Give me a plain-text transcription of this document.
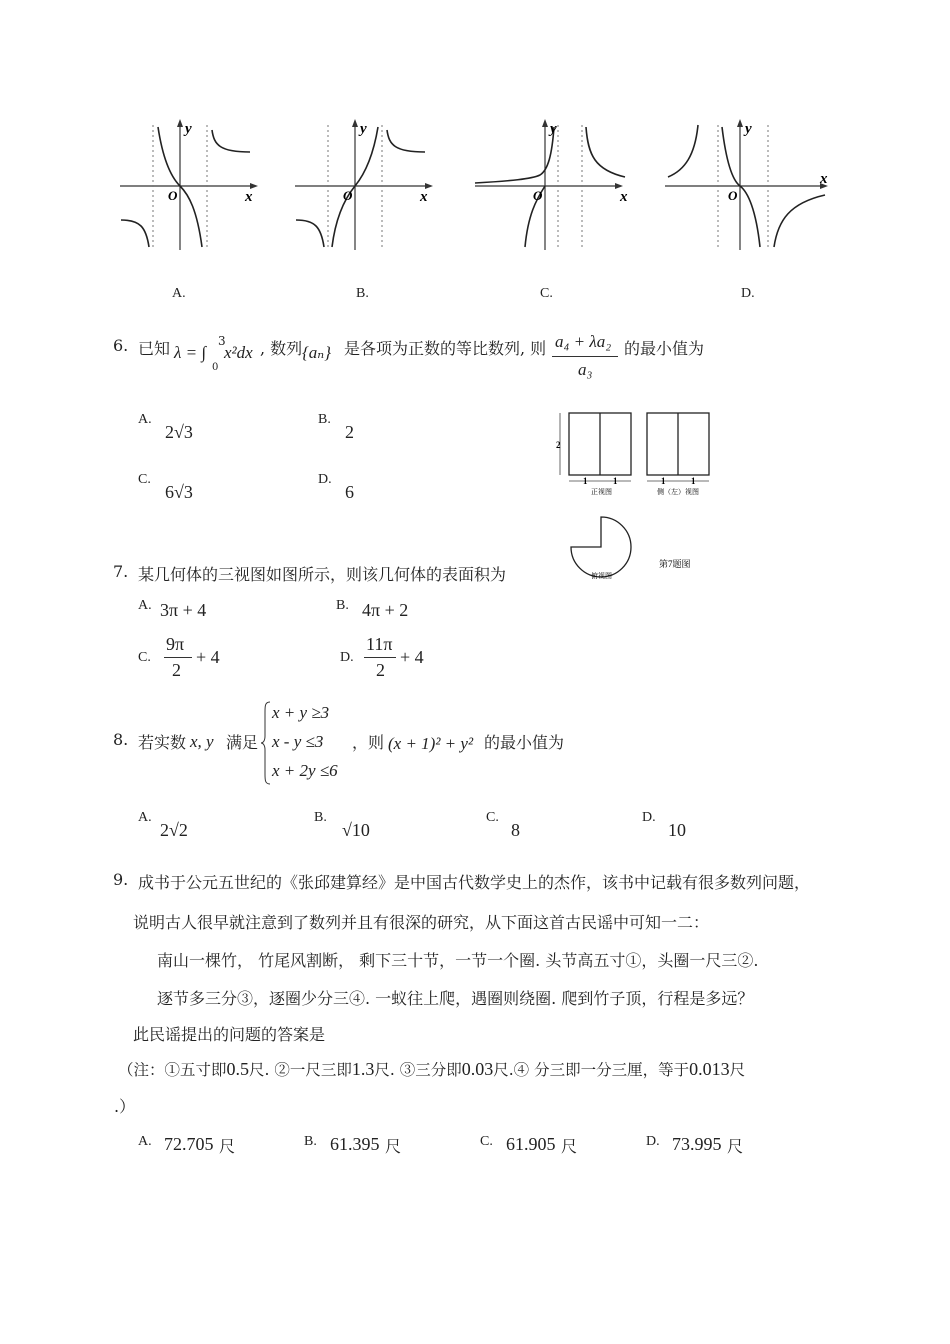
y
x
O
y
x
O
y
x
O
y
x
O
A.	B.	C.	D.
6. 已知 λ = ∫
3
0
x²dx , 数列 {aₙ} 是各项为正数的等比数列, 则 a₄ + λa₂
a₃
的最小值为
A.
2√3
B.
2
C.
6√3
D.
6
2
1	1	1	1
正视图	侧（左）视图
俯视图
第7题图
7. 某几何体的三视图如图所示，则该几何体的表面积为
A. 3π + 4	B. 4π + 2
C.
9π
2
+ 4	D.
11π
2
+ 4
8. 若实数 x, y 满足
x + y ≥3
x - y ≤3
x + 2y ≤6
，则 (x + 1)² + y² 的最小值为
A.
2√2
B.
√10
C.
8
D.
10
9. 成书于公元五世纪的《张邱建算经》是中国古代数学史上的杰作，该书中记载有很多数列问题，
说明古人很早就注意到了数列并且有很深的研究，从下面这首古民谣中可知一二：
南山一棵竹， 竹尾风割断， 剩下三十节，一节一个圈. 头节高五寸①，头圈一尺三②.
逐节多三分③，逐圈少分三④. 一蚁往上爬，遇圈则绕圈. 爬到竹子顶，行程是多远？
此民谣提出的问题的答案是
（注：①五寸即0.5尺. ②一尺三即1.3尺. ③三分即0.03尺.④ 分三即一分三厘，等于0.013尺
.）
A. 72.705 尺	B. 61.395 尺	C. 61.905 尺	D. 73.995 尺
